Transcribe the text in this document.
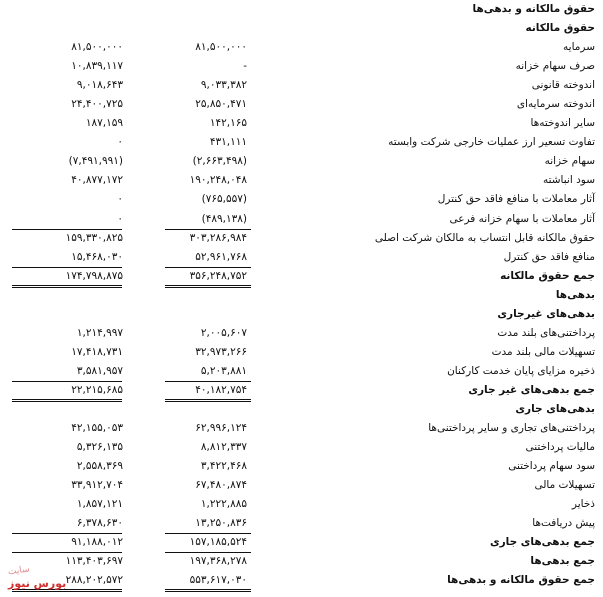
حقوق مالکانه و بدهی‌ها
حقوق مالکانه
سرمایه
۸۱,۵۰۰,۰۰۰
۸۱,۵۰۰,۰۰۰
صرف سهام خزانه
-
۱۰,۸۳۹,۱۱۷
اندوخته قانونی
۹,۰۳۳,۳۸۲
۹,۰۱۸,۶۴۳
اندوخته سرمایه‌ای
۲۵,۸۵۰,۴۷۱
۲۴,۴۰۰,۷۲۵
سایر اندوخته‌ها
۱۴۲,۱۶۵
۱۸۷,۱۵۹
تفاوت تسعیر ارز عملیات خارجی شرکت وابسته
۴۳۱,۱۱۱
۰
سهام خزانه
(۲,۶۶۳,۴۹۸)
(۷,۴۹۱,۹۹۱)
سود انباشته
۱۹۰,۲۴۸,۰۴۸
۴۰,۸۷۷,۱۷۲
آثار معاملات با منافع فاقد حق کنترل
(۷۶۵,۵۵۷)
۰
آثار معاملات با سهام خزانه فرعی
(۴۸۹,۱۳۸)
۰
حقوق مالکانه قابل انتساب به مالکان شرکت اصلی
۳۰۳,۲۸۶,۹۸۴
۱۵۹,۳۳۰,۸۲۵
منافع فاقد حق کنترل
۵۲,۹۶۱,۷۶۸
۱۵,۴۶۸,۰۳۰
جمع حقوق مالکانه
۳۵۶,۲۴۸,۷۵۲
۱۷۴,۷۹۸,۸۷۵
بدهی‌ها
بدهی‌های غیرجاری
پرداختنی‌های بلند مدت
۲,۰۰۵,۶۰۷
۱,۲۱۴,۹۹۷
تسهیلات مالی بلند مدت
۳۲,۹۷۳,۲۶۶
۱۷,۴۱۸,۷۳۱
ذخیره مزایای پایان خدمت کارکنان
۵,۲۰۳,۸۸۱
۳,۵۸۱,۹۵۷
جمع بدهی‌های غیر جاری
۴۰,۱۸۲,۷۵۴
۲۲,۲۱۵,۶۸۵
بدهی‌های جاری
پرداختنی‌های تجاری و سایر پرداختنی‌ها
۶۲,۹۹۶,۱۲۴
۴۲,۱۵۵,۰۵۳
مالیات پرداختنی
۸,۸۱۲,۳۳۷
۵,۳۲۶,۱۳۵
سود سهام پرداختنی
۳,۴۲۲,۴۶۸
۲,۵۵۸,۳۶۹
تسهیلات مالی
۶۷,۴۸۰,۸۷۴
۳۳,۹۱۲,۷۰۴
ذخایر
۱,۲۲۲,۸۸۵
۱,۸۵۷,۱۲۱
پیش دریافت‌ها
۱۳,۲۵۰,۸۳۶
۶,۳۷۸,۶۳۰
جمع بدهی‌های جاری
۱۵۷,۱۸۵,۵۲۴
۹۱,۱۸۸,۰۱۲
جمع بدهی‌ها
۱۹۷,۳۶۸,۲۷۸
۱۱۳,۴۰۳,۶۹۷
جمع حقوق مالکانه و بدهی‌ها
۵۵۳,۶۱۷,۰۳۰
۲۸۸,۲۰۲,۵۷۲
سایت
بورس نیوز
